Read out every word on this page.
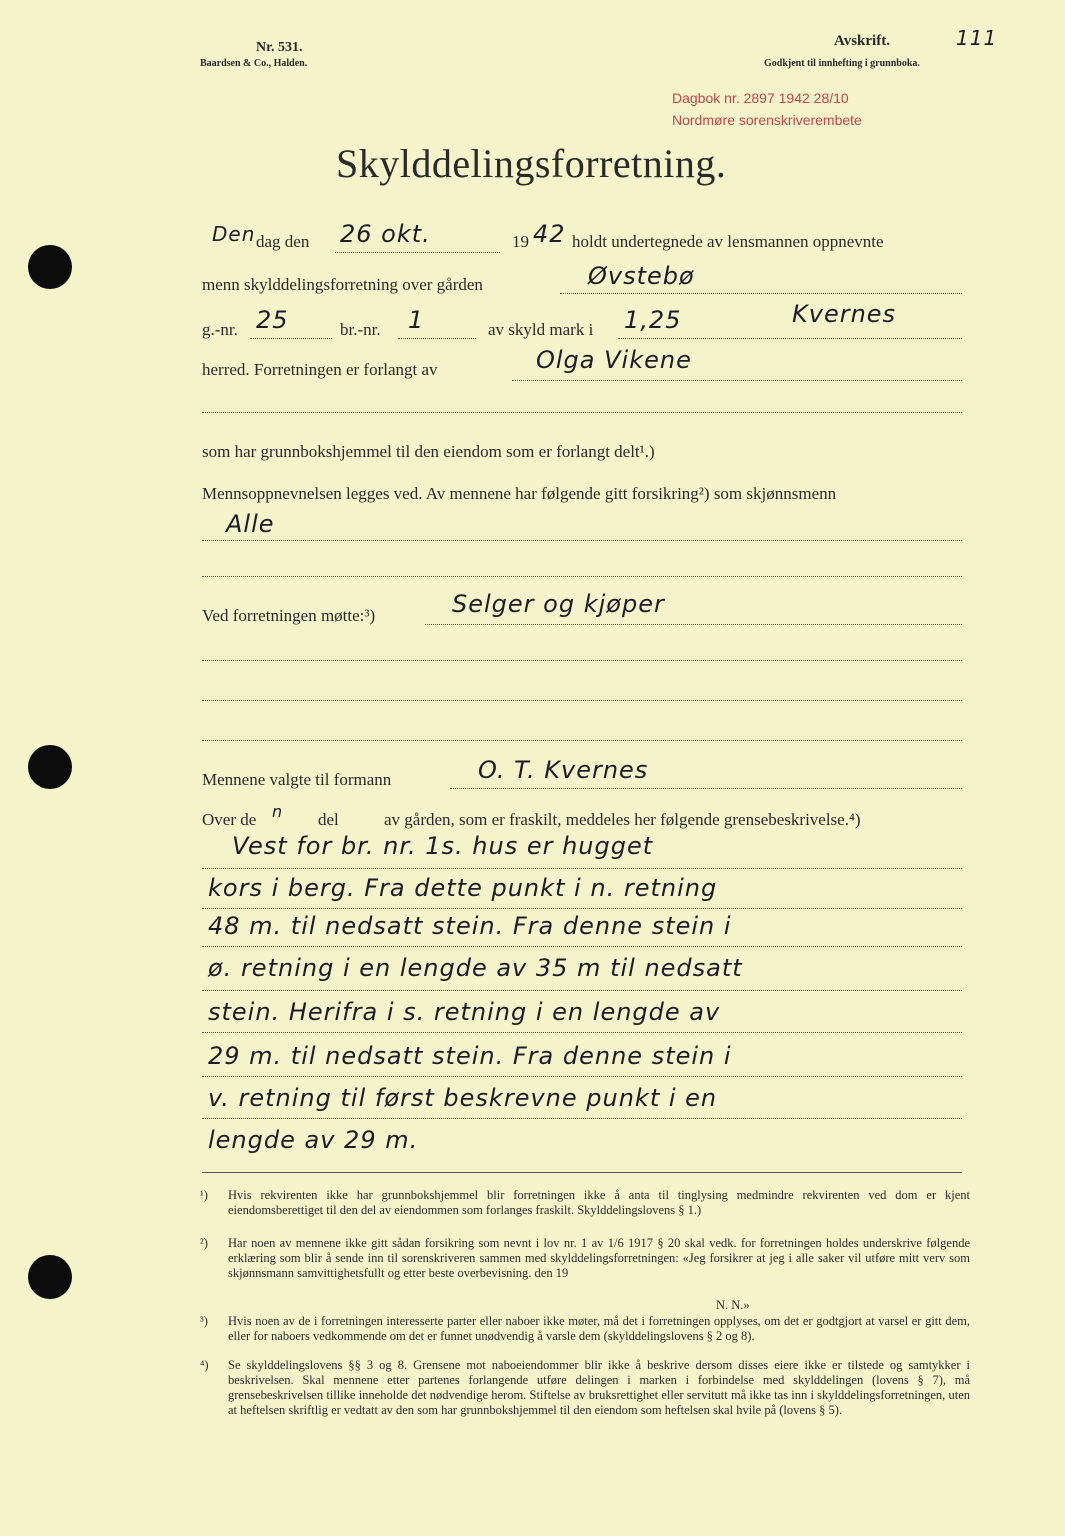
Nr. 531.
Baardsen & Co., Halden.
Avskrift.
Godkjent til innhefting i grunnboka.
111
Dagbok nr. 2897 1942 28/10
Nordmøre sorenskriverembete
Skylddelingsforretning.
Den dag den 26 okt.	19 42 holdt undertegnede av lensmannen oppnevnte
menn skylddelingsforretning over gården	Øvstebø
g.-nr. 25	br.-nr. 1	av skyld mark i 1,25	Kvernes
herred. Forretningen er forlangt av	Olga Vikene
som har grunnbokshjemmel til den eiendom som er forlangt delt¹.)
Mennsoppnevnelsen legges ved. Av mennene har følgende gitt forsikring²) som skjønnsmenn
Alle
Ved forretningen møtte:³)	Selger og kjøper
Mennene valgte til formann	O. T. Kvernes
Over de n del	av gården, som er fraskilt, meddeles her følgende grensebeskrivelse.⁴)
Vest for br. nr. 1s. hus er hugget
kors i berg. Fra dette punkt i n. retning
48 m. til nedsatt stein. Fra denne stein i
ø. retning i en lengde av 35 m til nedsatt
stein. Herifra i s. retning i en lengde av
29 m. til nedsatt stein. Fra denne stein i
v. retning til først beskrevne punkt i en
lengde av 29 m.
¹) Hvis rekvirenten ikke har grunnbokshjemmel blir forretningen ikke å anta til tinglysing medmindre rekvirenten ved dom er kjent eiendomsberettiget til den del av eiendommen som forlanges fraskilt. Skylddelingslovens § 1.)
²) Har noen av mennene ikke gitt sådan forsikring som nevnt i lov nr. 1 av 1/6 1917 § 20 skal vedk. for forretningen holdes underskrive følgende erklæring som blir å sende inn til sorenskriveren sammen med skylddelingsforretningen: «Jeg forsikrer at jeg i alle saker vil utføre mitt verv som skjønnsmann samvittighetsfullt og etter beste overbevisning. den 19
N. N.»
³) Hvis noen av de i forretningen interesserte parter eller naboer ikke møter, må det i forretningen opplyses, om det er godtgjort at varsel er gitt dem, eller for naboers vedkommende om det er funnet unødvendig å varsle dem (skylddelingslovens § 2 og 8).
⁴) Se skylddelingslovens §§ 3 og 8. Grensene mot naboeiendommer blir ikke å beskrive dersom disses eiere ikke er tilstede og samtykker i beskrivelsen. Skal mennene etter partenes forlangende utføre delingen i marken i forbindelse med skylddelingen (lovens § 7), må grensebeskrivelsen tillike inneholde det nødvendige herom. Stiftelse av bruksrettighet eller servitutt må ikke tas inn i skylddelingsforretningen, uten at heftelsen skriftlig er vedtatt av den som har grunnbokshjemmel til den eiendom som heftelsen skal hvile på (lovens § 5).
